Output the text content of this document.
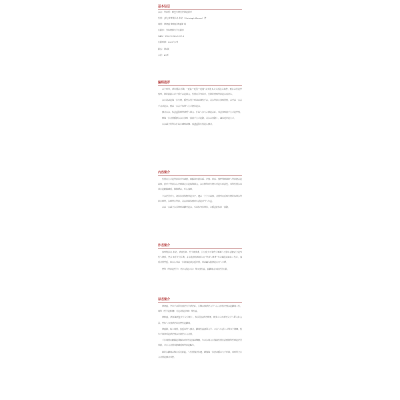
基本信息
书名：行走着：那些大师带给我的启示
作者：[德] 克里斯托弗·维诺（Christoph Werner）著
译者：张贤丽 张继丽 张丽妮 译
出版社：华东师范大学出版社
ISBN：978-7-5760-1227-5
出版时间：2021年7月
版次：第1版
定价：49元
编辑推荐

这个时代，我们都在奔跑，“更快”“更高”“更强”成为很多人生活的主旋律，而在这样的节奏里，我们渐渐忘记了停下来的意义。作者以亲身经历，带我们回到行走的本真状态。

书中讲述的每一位大师，都曾在某个时刻选择慢下来，并在行走中找到答案。这不是一本关于成功的书，而是一本关于如何与自己相处的书。

阅读本书，你会重新思考速度与意义、忙碌与充实之间的关系，也会找到属于自己的节奏。

愿每一位读者都能在书中找到一段属于自己的路，并在这条路上，遇见更好的自己。

本书适合所有在忙碌中感到迷惘、希望重新出发的人阅读。

内容简介

作者以自己的行走经历为线索，串联起苏格拉底、卢梭、尼采、梭罗等思想家与行走相关的故事，展示了行走在人类思想史中的独特意义。书中既有对大师生平的生动描绘，也有作者在旅途中的细腻感受，娓娓道来，引人深思。

全书语言平实，却处处闪现智慧的光芒。通过一个个小故事，读者可以看到大师们如何在行走中思考，在思考中行走，并由此获得面对生活的勇气与力量。

这是一本适合在任何时刻翻开的书，无论你身处何处，它都会陪你走一段路。

作者简介

克里斯托弗·维诺，德国作家、哲学研究者，长年致力于将哲学思想与日常生活相结合的写作与研究。曾在多所大学任教，并在欧洲各地举办以“行走与思考”为主题的讲座和工作坊，深受读者喜爱。他本人也是一位资深的徒步爱好者，足迹遍布欧洲的山川与小道。

著有《行走的哲学》《慢生活的艺术》等多部作品，被翻译成多种语言出版。

译者简介

张贤丽，毕业于北京外国语大学德语系，长期从事德语文学与人文社科类图书的翻译工作，译有《哲学的慰藉》《漫步者的沉思》等作品。

张继丽，德国海德堡大学文学硕士，现任高校德语教师，研究方向为德语文学与跨文化交流，曾参与多部德语经典著作的翻译。

张丽妮，独立译者，热爱旅行与阅读，翻译作品涵盖文学、艺术与生活方式等多个领域，致力于将优秀的德语图书介绍给中文读者。

三位译者以细腻的笔触和对原作的深刻理解，力求在译文中保留作者朴素而富有哲思的语言风格，让中文读者也能感受到行走的魅力。

她们在翻译过程中反复推敲，与作者保持沟通，确保每一处表达都忠实于原意，同时符合中文读者的阅读习惯。
